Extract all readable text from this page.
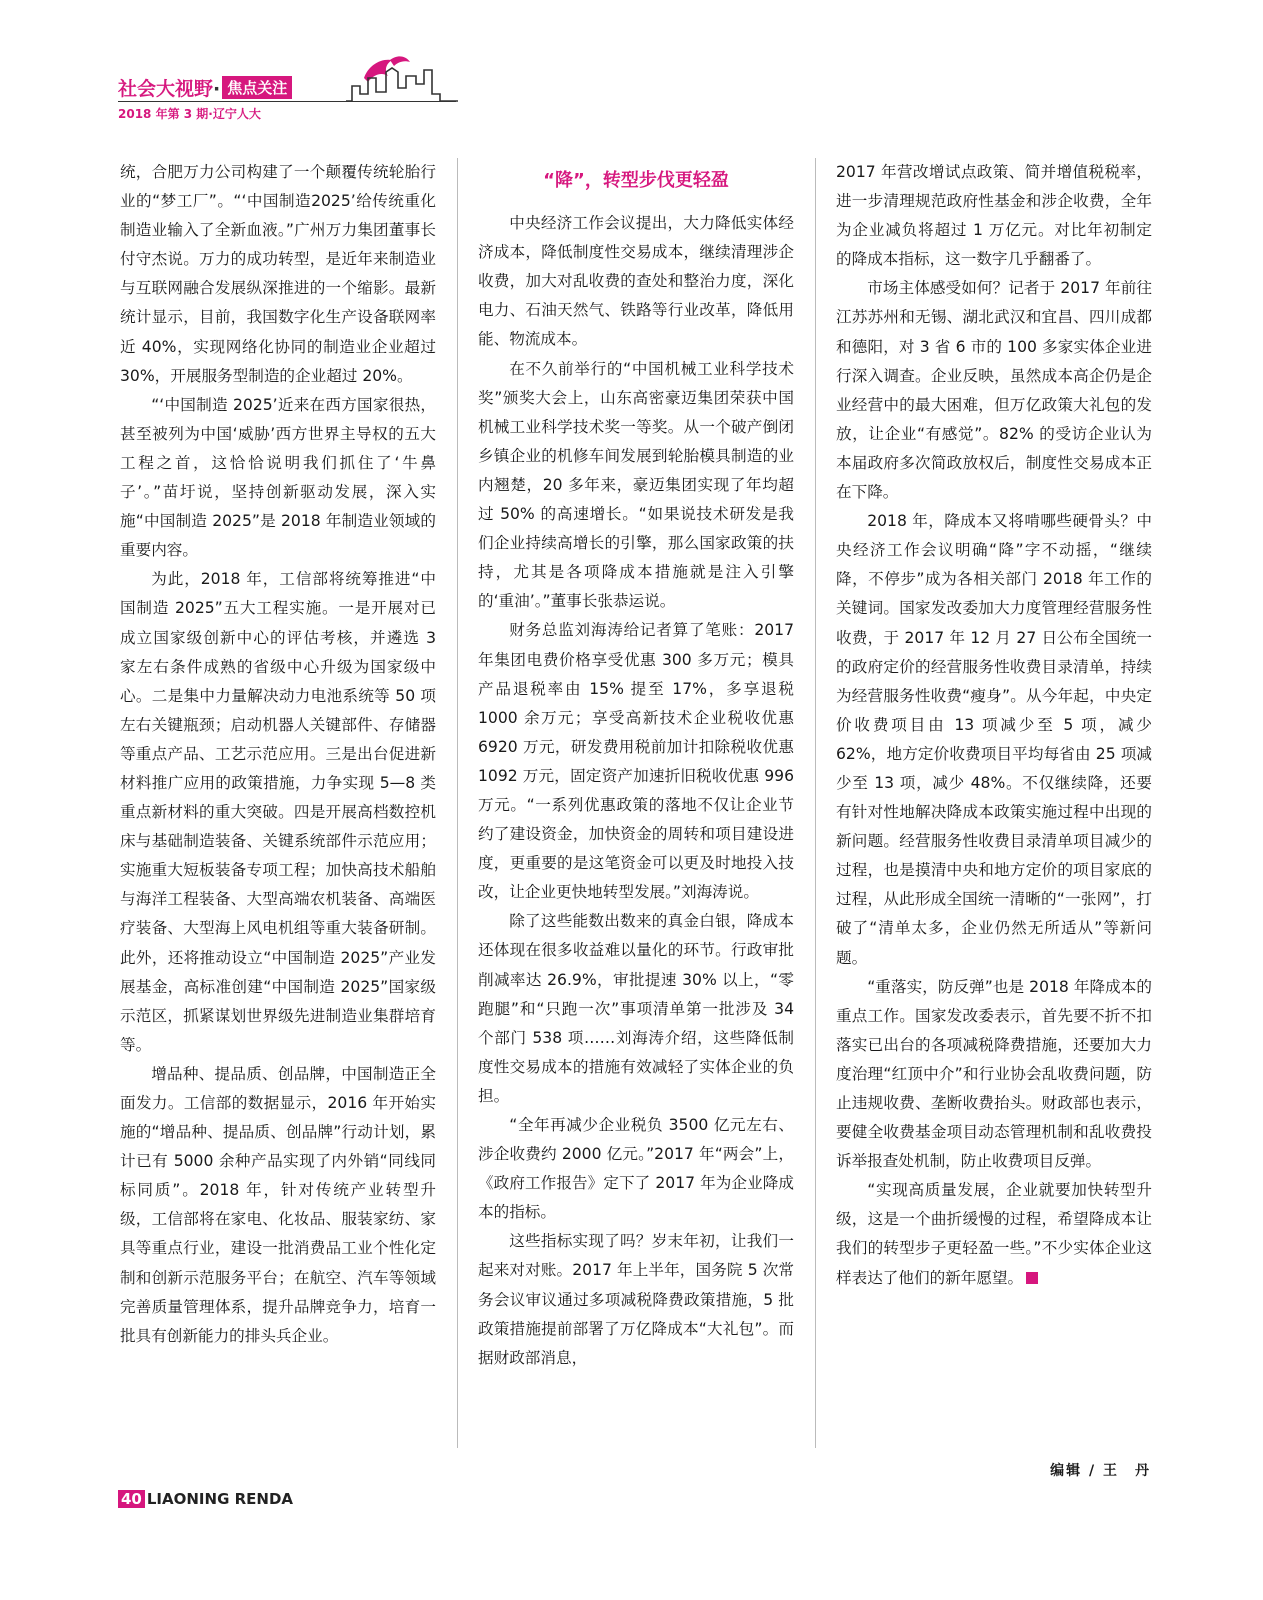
社会大视野· 焦点关注
2018 年第 3 期·辽宁人大

统，合肥万力公司构建了一个颠覆传统轮胎行业的“梦工厂”。“‘中国制造2025’给传统重化制造业输入了全新血液。”广州万力集团董事长付守杰说。万力的成功转型，是近年来制造业与互联网融合发展纵深推进的一个缩影。最新统计显示，目前，我国数字化生产设备联网率近 40%，实现网络化协同的制造业企业超过 30%，开展服务型制造的企业超过 20%。

“‘中国制造 2025’近来在西方国家很热，甚至被列为中国‘威胁’西方世界主导权的五大工程之首，这恰恰说明我们抓住了‘牛鼻子’。”苗圩说，坚持创新驱动发展，深入实施“中国制造 2025”是 2018 年制造业领域的重要内容。

为此，2018 年，工信部将统筹推进“中国制造 2025”五大工程实施。一是开展对已成立国家级创新中心的评估考核，并遴选 3 家左右条件成熟的省级中心升级为国家级中心。二是集中力量解决动力电池系统等 50 项左右关键瓶颈；启动机器人关键部件、存储器等重点产品、工艺示范应用。三是出台促进新材料推广应用的政策措施，力争实现 5—8 类重点新材料的重大突破。四是开展高档数控机床与基础制造装备、关键系统部件示范应用；实施重大短板装备专项工程；加快高技术船舶与海洋工程装备、大型高端农机装备、高端医疗装备、大型海上风电机组等重大装备研制。此外，还将推动设立“中国制造 2025”产业发展基金，高标准创建“中国制造 2025”国家级示范区，抓紧谋划世界级先进制造业集群培育等。

增品种、提品质、创品牌，中国制造正全面发力。工信部的数据显示，2016 年开始实施的“增品种、提品质、创品牌”行动计划，累计已有 5000 余种产品实现了内外销“同线同标同质”。2018 年，针对传统产业转型升级，工信部将在家电、化妆品、服装家纺、家具等重点行业，建设一批消费品工业个性化定制和创新示范服务平台；在航空、汽车等领域完善质量管理体系，提升品牌竞争力，培育一批具有创新能力的排头兵企业。

“降”，转型步伐更轻盈

中央经济工作会议提出，大力降低实体经济成本，降低制度性交易成本，继续清理涉企收费，加大对乱收费的查处和整治力度，深化电力、石油天然气、铁路等行业改革，降低用能、物流成本。

在不久前举行的“中国机械工业科学技术奖”颁奖大会上，山东高密豪迈集团荣获中国机械工业科学技术奖一等奖。从一个破产倒闭乡镇企业的机修车间发展到轮胎模具制造的业内翘楚，20 多年来，豪迈集团实现了年均超过 50% 的高速增长。“如果说技术研发是我们企业持续高增长的引擎，那么国家政策的扶持，尤其是各项降成本措施就是注入引擎的‘重油’。”董事长张恭运说。

财务总监刘海涛给记者算了笔账：2017 年集团电费价格享受优惠 300 多万元；模具产品退税率由 15% 提至 17%，多享退税 1000 余万元；享受高新技术企业税收优惠 6920 万元，研发费用税前加计扣除税收优惠 1092 万元，固定资产加速折旧税收优惠 996 万元。“一系列优惠政策的落地不仅让企业节约了建设资金，加快资金的周转和项目建设进度，更重要的是这笔资金可以更及时地投入技改，让企业更快地转型发展。”刘海涛说。

除了这些能数出数来的真金白银，降成本还体现在很多收益难以量化的环节。行政审批削减率达 26.9%，审批提速 30% 以上，“零跑腿”和“只跑一次”事项清单第一批涉及 34 个部门 538 项……刘海涛介绍，这些降低制度性交易成本的措施有效减轻了实体企业的负担。

“全年再减少企业税负 3500 亿元左右、涉企收费约 2000 亿元。”2017 年“两会”上，《政府工作报告》定下了 2017 年为企业降成本的指标。

这些指标实现了吗？岁末年初，让我们一起来对对账。2017 年上半年，国务院 5 次常务会议审议通过多项减税降费政策措施，5 批政策措施提前部署了万亿降成本“大礼包”。而据财政部消息，

2017 年营改增试点政策、简并增值税税率，进一步清理规范政府性基金和涉企收费，全年为企业减负将超过 1 万亿元。对比年初制定的降成本指标，这一数字几乎翻番了。

市场主体感受如何？记者于 2017 年前往江苏苏州和无锡、湖北武汉和宜昌、四川成都和德阳，对 3 省 6 市的 100 多家实体企业进行深入调查。企业反映，虽然成本高企仍是企业经营中的最大困难，但万亿政策大礼包的发放，让企业“有感觉”。82% 的受访企业认为本届政府多次简政放权后，制度性交易成本正在下降。

2018 年，降成本又将啃哪些硬骨头？中央经济工作会议明确“降”字不动摇，“继续降，不停步”成为各相关部门 2018 年工作的关键词。国家发改委加大力度管理经营服务性收费，于 2017 年 12 月 27 日公布全国统一的政府定价的经营服务性收费目录清单，持续为经营服务性收费“瘦身”。从今年起，中央定价收费项目由 13 项减少至 5 项，减少 62%，地方定价收费项目平均每省由 25 项减少至 13 项，减少 48%。不仅继续降，还要有针对性地解决降成本政策实施过程中出现的新问题。经营服务性收费目录清单项目减少的过程，也是摸清中央和地方定价的项目家底的过程，从此形成全国统一清晰的“一张网”，打破了“清单太多，企业仍然无所适从”等新问题。

“重落实，防反弹”也是 2018 年降成本的重点工作。国家发改委表示，首先要不折不扣落实已出台的各项减税降费措施，还要加大力度治理“红顶中介”和行业协会乱收费问题，防止违规收费、垄断收费抬头。财政部也表示，要健全收费基金项目动态管理机制和乱收费投诉举报查处机制，防止收费项目反弹。

“实现高质量发展，企业就要加快转型升级，这是一个曲折缓慢的过程，希望降成本让我们的转型步子更轻盈一些。”不少实体企业这样表达了他们的新年愿望。

编辑 / 王　丹
40 LIAONING RENDA
